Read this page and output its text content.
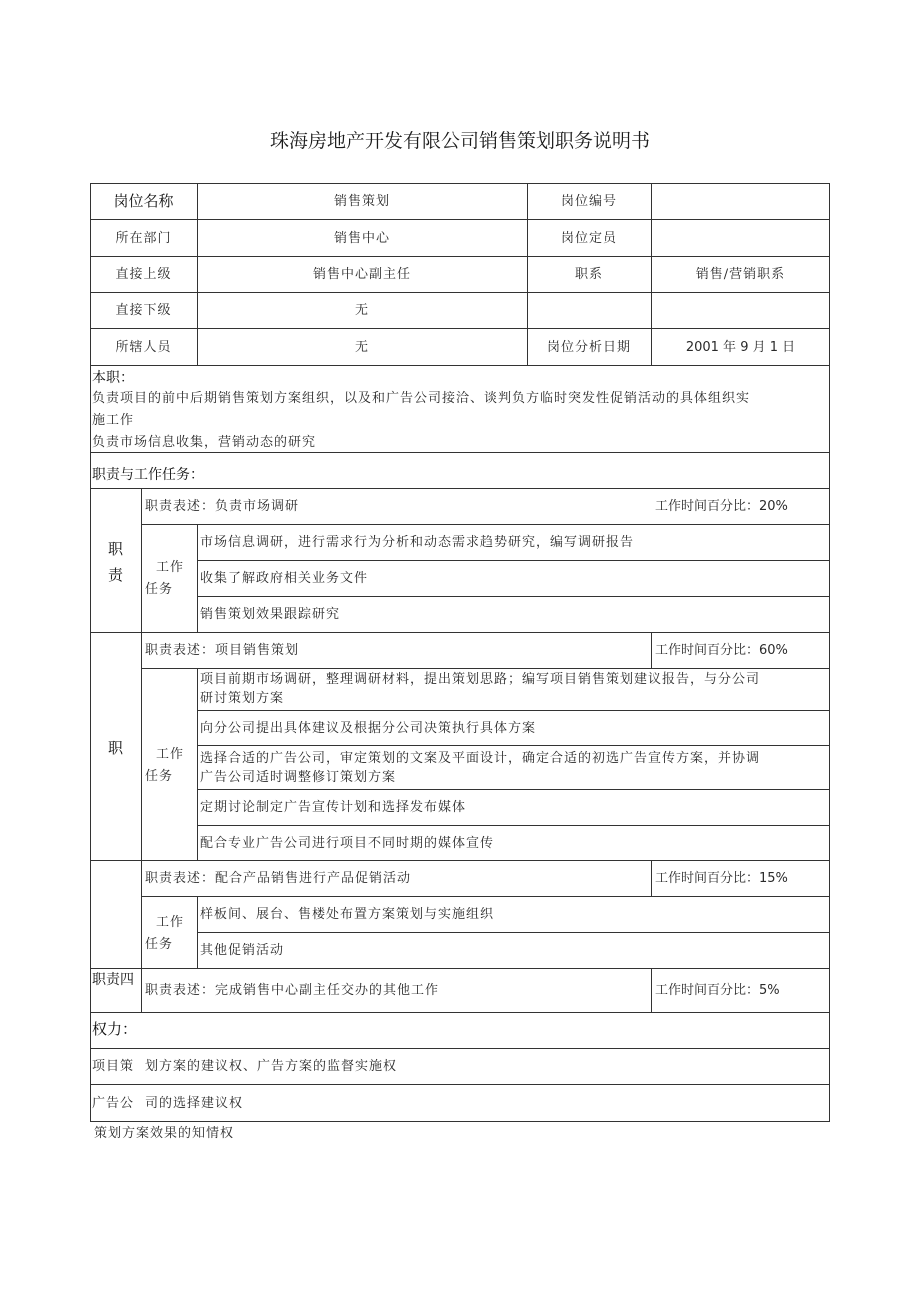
珠海房地产开发有限公司销售策划职务说明书
岗位名称	销售策划	岗位编号
所在部门	销售中心	岗位定员
直接上级	销售中心副主任	职系	销售/营销职系
直接下级	无
所辖人员	无	岗位分析日期	2001 年 9 月 1 日
本职：
负责项目的前中后期销售策划方案组织，以及和广告公司接洽、谈判负方临时突发性促销活动的具体组织实
施工作
负责市场信息收集，营销动态的研究
职责与工作任务：
职
责
职责表述：负责市场调研	工作时间百分比：20%
工作
任务
市场信息调研，进行需求行为分析和动态需求趋势研究，编写调研报告
收集了解政府相关业务文件
销售策划效果跟踪研究
职
职责表述：项目销售策划	工作时间百分比：60%
工作
任务
项目前期市场调研，整理调研材料，提出策划思路；编写项目销售策划建议报告，与分公司
研讨策划方案
向分公司提出具体建议及根据分公司决策执行具体方案
选择合适的广告公司，审定策划的文案及平面设计，确定合适的初选广告宣传方案，并协调
广告公司适时调整修订策划方案
定期讨论制定广告宣传计划和选择发布媒体
配合专业广告公司进行项目不同时期的媒体宣传
职责表述：配合产品销售进行产品促销活动	工作时间百分比：15%
工作
任务
样板间、展台、售楼处布置方案策划与实施组织
其他促销活动
职责四
职责表述：完成销售中心副主任交办的其他工作	工作时间百分比：5%
权力：
项目策 划方案的建议权、广告方案的监督实施权
广告公 司的选择建议权
策划方案效果的知情权
